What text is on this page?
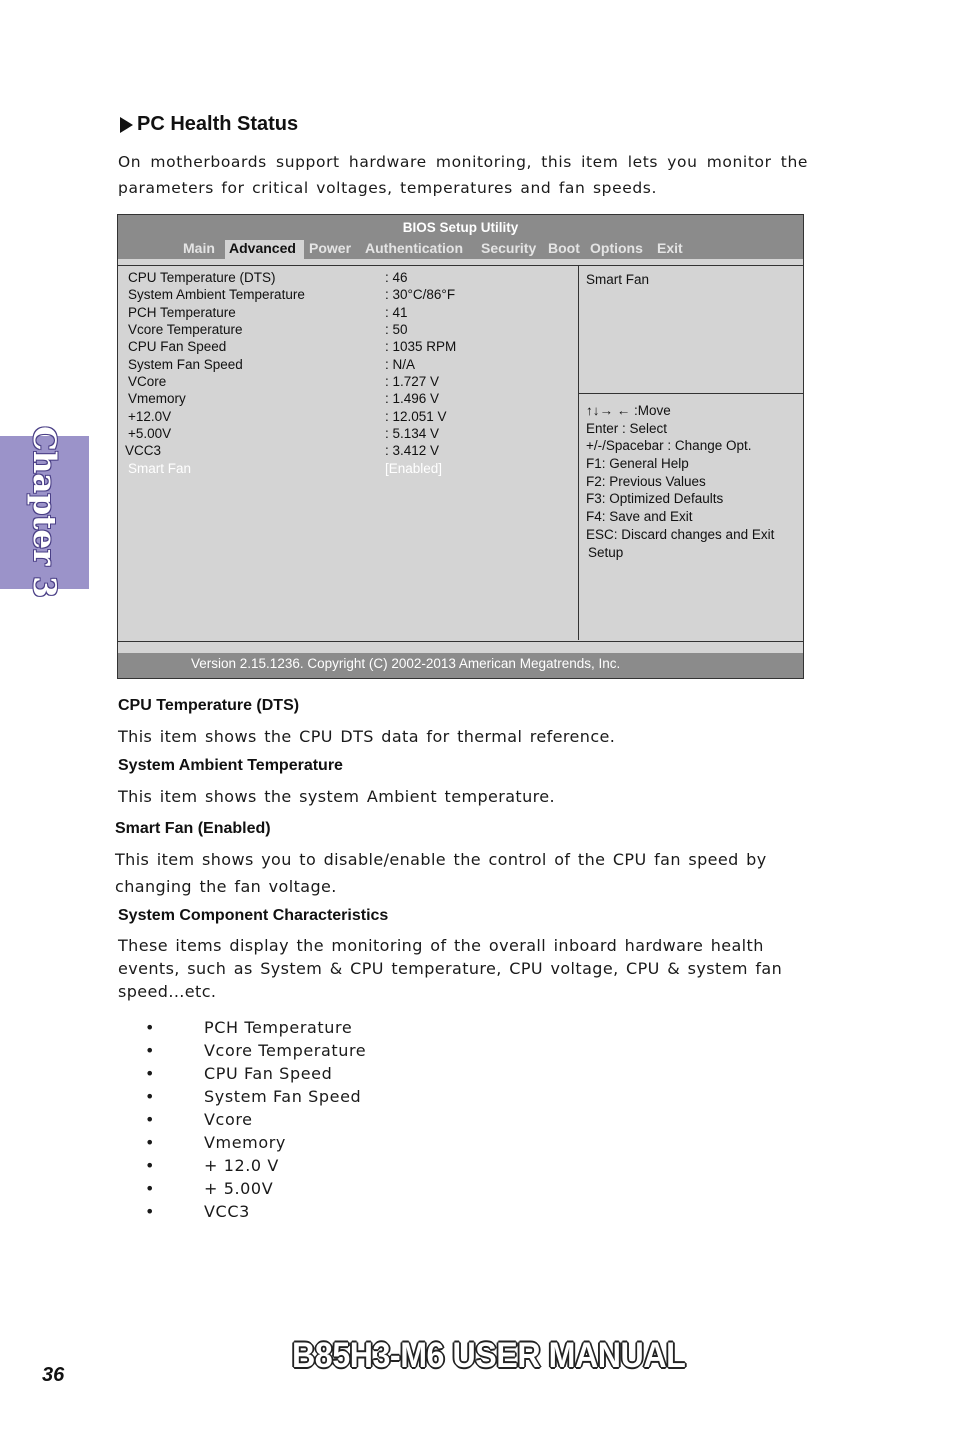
PC Health Status
On motherboards support hardware monitoring, this item lets you monitor the parameters for critical voltages, temperatures and fan speeds.
BIOS Setup Utility
Main Advanced Power Authentication Security Boot Options Exit
CPU Temperature (DTS)	: 46
System Ambient Temperature	: 30°C/86°F
PCH Temperature	: 41
Vcore Temperature	: 50
CPU Fan Speed	: 1035 RPM
System Fan Speed	: N/A
VCore	: 1.727 V
Vmemory	: 1.496 V
+12.0V	: 12.051 V
+5.00V	: 5.134 V
VCC3	: 3.412 V
Smart Fan	[Enabled]
Smart Fan
↑↓→ ← :Move
Enter : Select
+/-/Spacebar : Change Opt.
F1: General Help
F2: Previous Values
F3: Optimized Defaults
F4: Save and Exit
ESC: Discard changes and Exit
Setup
Version 2.15.1236. Copyright (C) 2002-2013 American Megatrends, Inc.
CPU Temperature (DTS)
This item shows the CPU DTS data for thermal reference.
System Ambient Temperature
This item shows the system Ambient temperature.
Smart Fan (Enabled)
This item shows you to disable/enable the control of the CPU fan speed by changing the fan voltage.
System Component Characteristics
These items display the monitoring of the overall inboard hardware health events, such as System & CPU temperature, CPU voltage, CPU & system fan speed...etc.
•	PCH Temperature
•	Vcore Temperature
•	CPU Fan Speed
•	System Fan Speed
•	Vcore
•	Vmemory
•	+ 12.0 V
•	+ 5.00V
•	VCC3
Chapter 3
36	B85H3-M6 USER MANUAL
